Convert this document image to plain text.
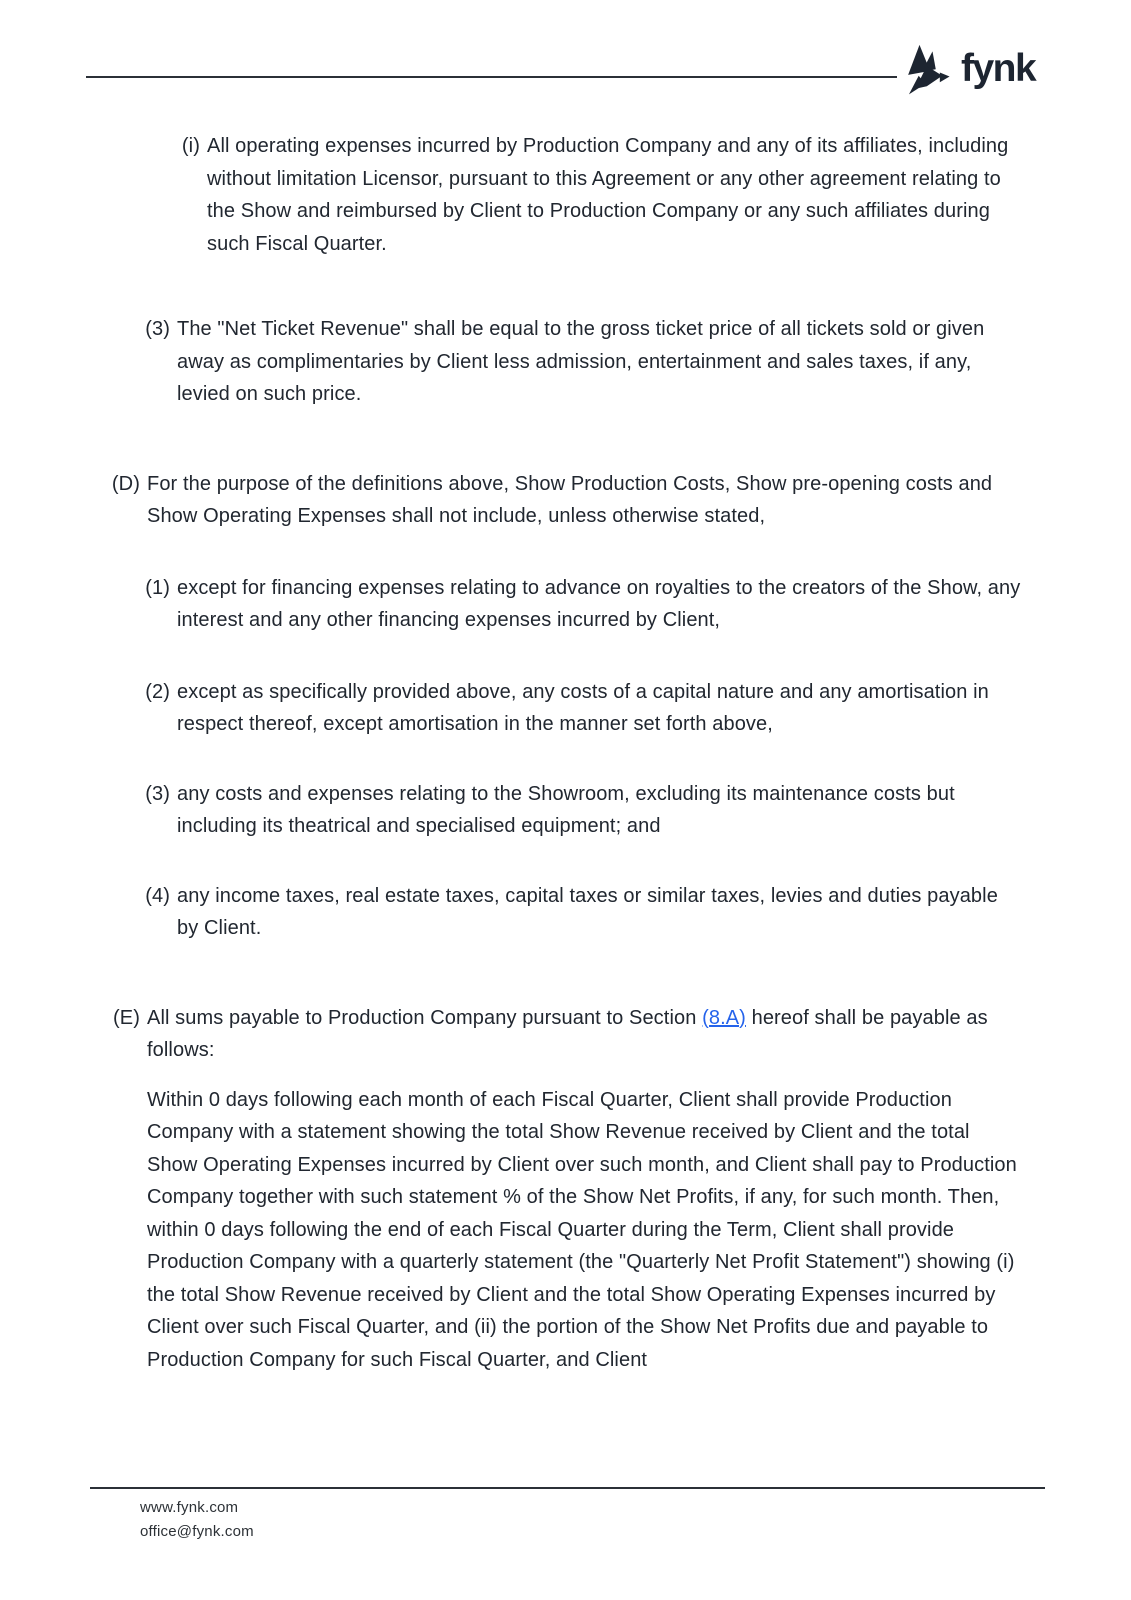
fynk
(i) All operating expenses incurred by Production Company and any of its affiliates, including without limitation Licensor, pursuant to this Agreement or any other agreement relating to the Show and reimbursed by Client to Production Company or any such affiliates during such Fiscal Quarter.
(3) The "Net Ticket Revenue" shall be equal to the gross ticket price of all tickets sold or given away as complimentaries by Client less admission, entertainment and sales taxes, if any, levied on such price.
(D) For the purpose of the definitions above, Show Production Costs, Show pre-opening costs and Show Operating Expenses shall not include, unless otherwise stated,
(1) except for financing expenses relating to advance on royalties to the creators of the Show, any interest and any other financing expenses incurred by Client,
(2) except as specifically provided above, any costs of a capital nature and any amortisation in respect thereof, except amortisation in the manner set forth above,
(3) any costs and expenses relating to the Showroom, excluding its maintenance costs but including its theatrical and specialised equipment; and
(4) any income taxes, real estate taxes, capital taxes or similar taxes, levies and duties payable by Client.
(E) All sums payable to Production Company pursuant to Section (8.A) hereof shall be payable as follows:
Within 0 days following each month of each Fiscal Quarter, Client shall provide Production Company with a statement showing the total Show Revenue received by Client and the total Show Operating Expenses incurred by Client over such month, and Client shall pay to Production Company together with such statement % of the Show Net Profits, if any, for such month. Then, within 0 days following the end of each Fiscal Quarter during the Term, Client shall provide Production Company with a quarterly statement (the "Quarterly Net Profit Statement") showing (i) the total Show Revenue received by Client and the total Show Operating Expenses incurred by Client over such Fiscal Quarter, and (ii) the portion of the Show Net Profits due and payable to Production Company for such Fiscal Quarter, and Client
www.fynk.com
office@fynk.com
